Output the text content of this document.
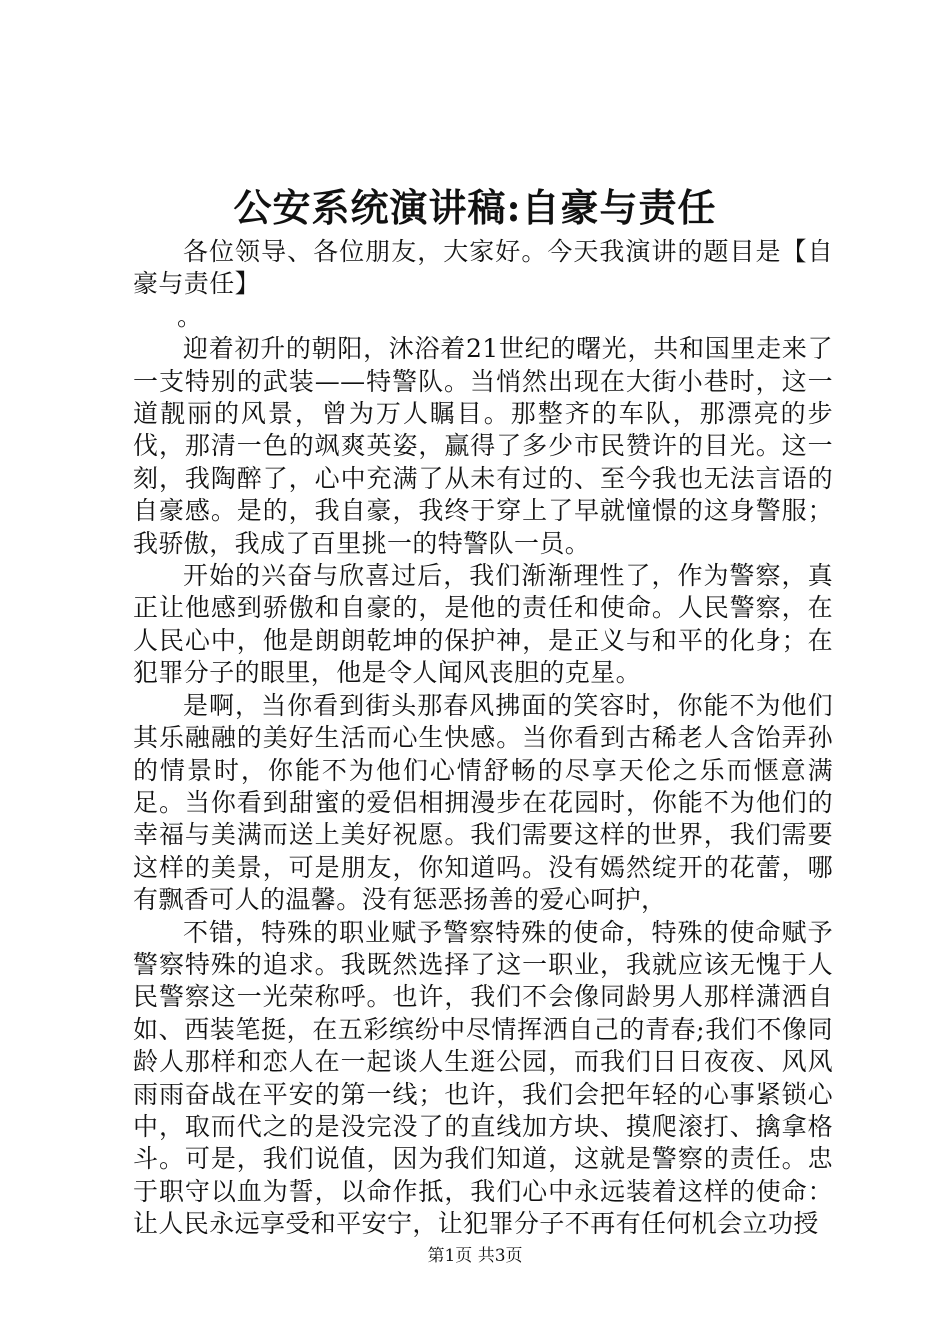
公安系统演讲稿:自豪与责任

各位领导、各位朋友，大家好。今天我演讲的题目是【自豪与责任】

。

迎着初升的朝阳，沐浴着21世纪的曙光，共和国里走来了一支特别的武装——特警队。当悄然出现在大街小巷时，这一道靓丽的风景，曾为万人瞩目。那整齐的车队，那漂亮的步伐，那清一色的飒爽英姿，赢得了多少市民赞许的目光。这一刻，我陶醉了，心中充满了从未有过的、至今我也无法言语的自豪感。是的，我自豪，我终于穿上了早就憧憬的这身警服；我骄傲，我成了百里挑一的特警队一员。

开始的兴奋与欣喜过后，我们渐渐理性了，作为警察，真正让他感到骄傲和自豪的，是他的责任和使命。人民警察，在人民心中，他是朗朗乾坤的保护神，是正义与和平的化身；在犯罪分子的眼里，他是令人闻风丧胆的克星。

是啊，当你看到街头那春风拂面的笑容时，你能不为他们其乐融融的美好生活而心生快感。当你看到古稀老人含饴弄孙的情景时，你能不为他们心情舒畅的尽享天伦之乐而惬意满足。当你看到甜蜜的爱侣相拥漫步在花园时，你能不为他们的幸福与美满而送上美好祝愿。我们需要这样的世界，我们需要这样的美景，可是朋友，你知道吗。没有嫣然绽开的花蕾，哪有飘香可人的温馨。没有惩恶扬善的爱心呵护，

不错，特殊的职业赋予警察特殊的使命，特殊的使命赋予警察特殊的追求。我既然选择了这一职业，我就应该无愧于人民警察这一光荣称呼。也许，我们不会像同龄男人那样潇洒自如、西装笔挺，在五彩缤纷中尽情挥洒自己的青春;我们不像同龄人那样和恋人在一起谈人生逛公园，而我们日日夜夜、风风雨雨奋战在平安的第一线；也许，我们会把年轻的心事紧锁心中，取而代之的是没完没了的直线加方块、摸爬滚打、擒拿格斗。可是，我们说值，因为我们知道，这就是警察的责任。忠于职守以血为誓，以命作抵，我们心中永远装着这样的使命：让人民永远享受和平安宁，让犯罪分子不再有任何机会立功授

第1页 共3页
